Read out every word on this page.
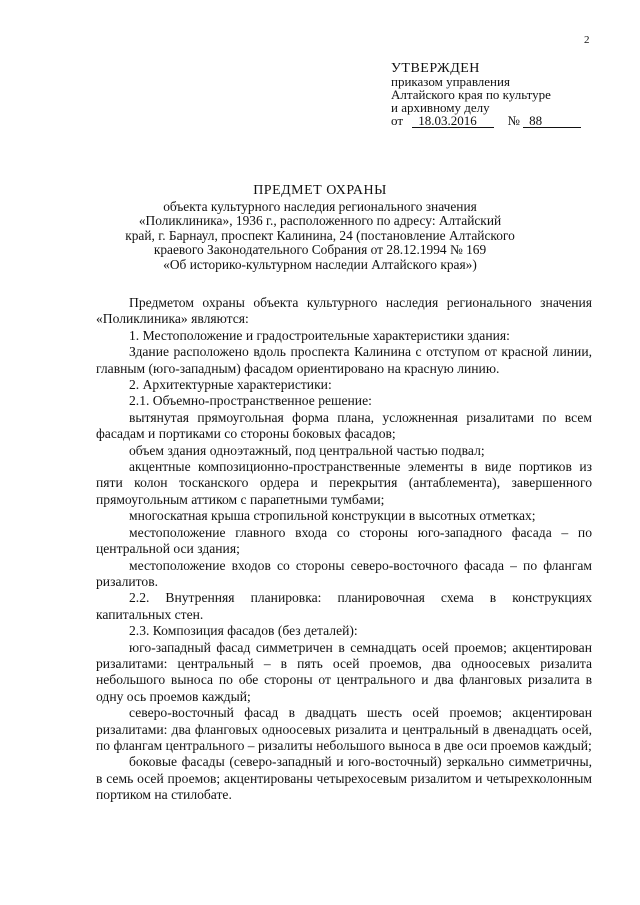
2
УТВЕРЖДЕН
приказом управления
Алтайского края по культуре
и архивному делу
от 18.03.2016 № 88
ПРЕДМЕТ ОХРАНЫ
объекта культурного наследия регионального значения
«Поликлиника», 1936 г., расположенного по адресу: Алтайский
край, г. Барнаул, проспект Калинина, 24 (постановление Алтайского
краевого Законодательного Собрания от 28.12.1994 № 169
«Об историко-культурном наследии Алтайского края»)

Предметом охраны объекта культурного наследия регионального значения «Поликлиника» являются:

1. Местоположение и градостроительные характеристики здания:

Здание расположено вдоль проспекта Калинина с отступом от красной линии, главным (юго-западным) фасадом ориентировано на красную линию.

2. Архитектурные характеристики:

2.1. Объемно-пространственное решение:

вытянутая прямоугольная форма плана, усложненная ризалитами по всем фасадам и портиками со стороны боковых фасадов;

объем здания одноэтажный, под центральной частью подвал;

акцентные композиционно-пространственные элементы в виде портиков из пяти колон тосканского ордера и перекрытия (антаблемента), завершенного прямоугольным аттиком с парапетными тумбами;

многоскатная крыша стропильной конструкции в высотных отметках;

местоположение главного входа со стороны юго-западного фасада – по центральной оси здания;

местоположение входов со стороны северо-восточного фасада – по флангам ризалитов.

2.2. Внутренняя планировка: планировочная схема в конструкциях капитальных стен.

2.3. Композиция фасадов (без деталей):

юго-западный фасад симметричен в семнадцать осей проемов; акцентирован ризалитами: центральный – в пять осей проемов, два одноосевых ризалита небольшого выноса по обе стороны от центрального и два фланговых ризалита в одну ось проемов каждый;

северо-восточный фасад в двадцать шесть осей проемов; акцентирован ризалитами: два фланговых одноосевых ризалита и центральный в двенадцать осей, по флангам центрального – ризалиты небольшого выноса в две оси проемов каждый;

боковые фасады (северо-западный и юго-восточный) зеркально симметричны, в семь осей проемов; акцентированы четырехосевым ризалитом и четырехколонным портиком на стилобате.
